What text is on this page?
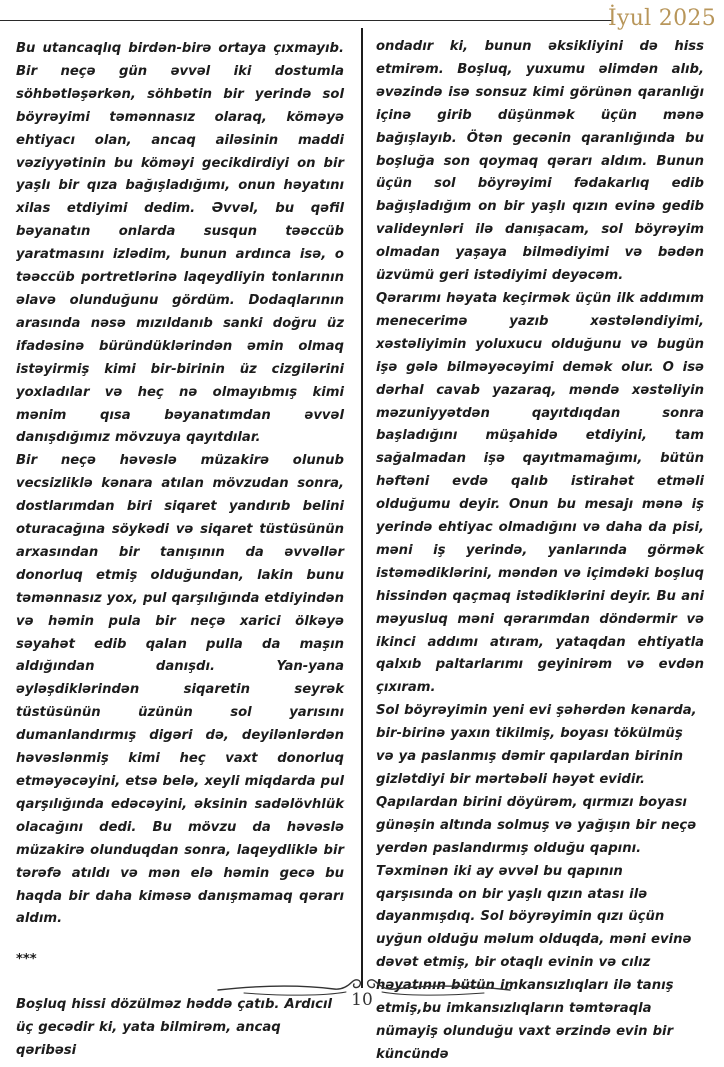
İyul 2025

Bu utancaqlıq birdən-birə ortaya çıxmayıb. Bir neçə gün əvvəl iki dostumla söhbətləşərkən, söhbətin bir yerində sol böyrəyimi təmənnasız olaraq, köməyə ehtiyacı olan, ancaq ailəsinin maddi vəziyyətinin bu köməyi gecikdirdiyi on bir yaşlı bir qıza bağışladığımı, onun həyatını xilas etdiyimi dedim. Əvvəl, bu qəfil bəyanatın onlarda susqun təəccüb yaratmasını izlədim, bunun ardınca isə, o təəccüb portretlərinə laqeydliyin tonlarının əlavə olunduğunu gördüm. Dodaqlarının arasında nəsə mızıldanıb sanki doğru üz ifadəsinə büründüklərindən əmin olmaq istəyirmiş kimi bir-birinin üz cizgilərini yoxladılar və heç nə olmayıbmış kimi mənim qısa bəyanatımdan əvvəl danışdığımız mövzuya qayıtdılar.

Bir neçə həvəslə müzakirə olunub vecsizliklə kənara atılan mövzudan sonra, dostlarımdan biri siqaret yandırıb belini oturacağına söykədi və siqaret tüstüsünün arxasından bir tanışının da əvvəllər donorluq etmiş olduğundan, lakin bunu təmənnasız yox, pul qarşılığında etdiyindən və həmin pula bir neçə xarici ölkəyə səyahət edib qalan pulla da maşın aldığından danışdı. Yan-yana əyləşdiklərindən siqaretin seyrək tüstüsünün üzünün sol yarısını dumanlandırmış digəri də, deyilənlərdən həvəslənmiş kimi heç vaxt donorluq etməyəcəyini, etsə belə, xeyli miqdarda pul qarşılığında edəcəyini, əksinin sadəlövhlük olacağını dedi. Bu mövzu da həvəslə müzakirə olunduqdan sonra, laqeydliklə bir tərəfə atıldı və mən elə həmin gecə bu haqda bir daha kiməsə danışmamaq qərarı aldım.

***

Boşluq hissi dözülməz həddə çatıb. Ardıcıl üç gecədir ki, yata bilmirəm, ancaq qəribəsi

ondadır ki, bunun əksikliyini də hiss etmirəm. Boşluq, yuxumu əlimdən alıb, əvəzində isə sonsuz kimi görünən qaranlığı içinə girib düşünmək üçün mənə bağışlayıb. Ötən gecənin qaranlığında bu boşluğa son qoymaq qərarı aldım. Bunun üçün sol böyrəyimi fədakarlıq edib bağışladığım on bir yaşlı qızın evinə gedib valideynləri ilə danışacam, sol böyrəyim olmadan yaşaya bilmədiyimi və bədən üzvümü geri istədiyimi deyəcəm.

Qərarımı həyata keçirmək üçün ilk addımım menecerimə yazıb xəstələndiyimi, xəstəliyimin yoluxucu olduğunu və bugün işə gələ bilməyəcəyimi demək olur. O isə dərhal cavab yazaraq, məndə xəstəliyin məzuniyyətdən qayıtdıqdan sonra başladığını müşahidə etdiyini, tam sağalmadan işə qayıtmamağımı, bütün həftəni evdə qalıb istirahət etməli olduğumu deyir. Onun bu mesajı mənə iş yerində ehtiyac olmadığını və daha da pisi, məni iş yerində, yanlarında görmək istəmədiklərini, məndən və içimdəki boşluq hissindən qaçmaq istədiklərini deyir. Bu ani məyusluq məni qərarımdan döndərmir və ikinci addımı atıram, yataqdan ehtiyatla qalxıb paltarlarımı geyinirəm və evdən çıxıram.

Sol böyrəyimin yeni evi şəhərdən kənarda, bir-birinə yaxın tikilmiş, boyası tökülmüş və ya paslanmış dəmir qapılardan birinin gizlətdiyi bir mərtəbəli həyət evidir. Qapılardan birini döyürəm, qırmızı boyası günəşin altında solmuş və yağışın bir neçə yerdən paslandırmış olduğu qapını. Təxminən iki ay əvvəl bu qapının qarşısında on bir yaşlı qızın atası ilə dayanmışdıq. Sol böyrəyimin qızı üçün uyğun olduğu məlum olduqda, məni evinə dəvət etmiş, bir otaqlı evinin və cılız həyatının bütün imkansızlıqları ilə tanış etmiş,bu imkansızlıqların təmtəraqla nümayiş olunduğu vaxt ərzində evin bir küncündə

10
